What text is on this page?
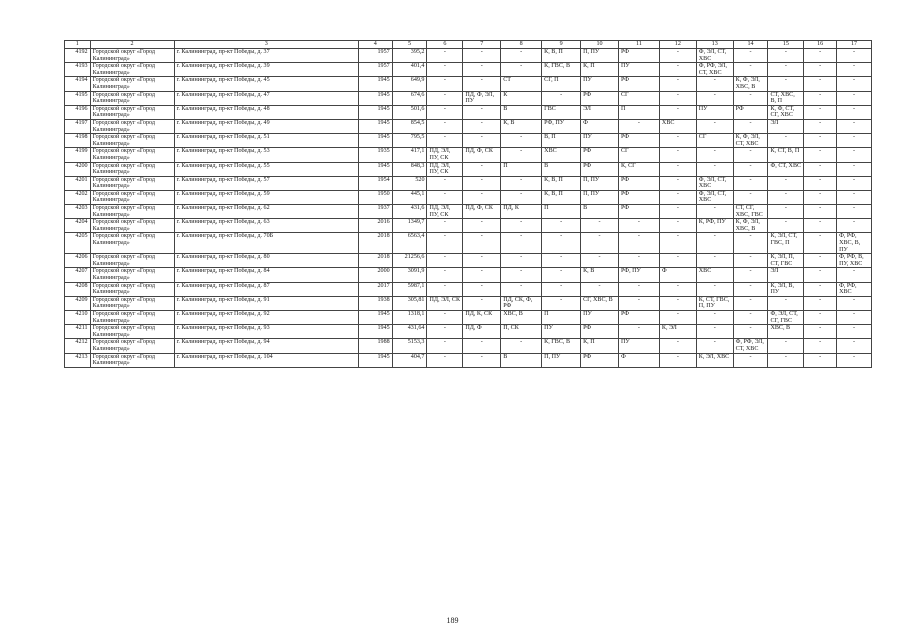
1	2	3	4	5	6	7	8	9	10	11	12	13	14	15	16	17
4192	Городской округ «Город Калининград»	г. Калининград, пр-кт Победы, д. 37	1957	395,2	-	-	-	К, В, П	П, ПУ	РФ	-	Ф, ЭЛ, СТ, ХВС	-	-	-	-
4193	Городской округ «Город Калининград»	г. Калининград, пр-кт Победы, д. 39	1957	401,4	-	-	-	К, ГВС, В	К, П	ПУ	-	Ф, РФ, ЭЛ, СТ, ХВС	-	-	-	-
4194	Городской округ «Город Калининград»	г. Калининград, пр-кт Победы, д. 45	1945	649,9	-	-	СТ	СГ, П	ПУ	РФ	-	-	К, Ф, ЭЛ, ХВС, В	-	-	-
4195	Городской округ «Город Калининград»	г. Калининград, пр-кт Победы, д. 47	1945	674,6	-	ПД, Ф, ЭЛ, ПУ	К	-	РФ	СГ	-	-	-	СТ, ХВС, В, П	-	-
4196	Городской округ «Город Калининград»	г. Калининград, пр-кт Победы, д. 48	1945	501,6	-	-	В	ГВС	ЭЛ	П	-	ПУ	РФ	К, Ф, СТ, СГ, ХВС	-	-
4197	Городской округ «Город Калининград»	г. Калининград, пр-кт Победы, д. 49	1945	854,5	-	-	К, В	РФ, ПУ	Ф	-	ХВС	-	-	ЭЛ	-	-
4198	Городской округ «Город Калининград»	г. Калининград, пр-кт Победы, д. 51	1945	795,5	-	-	-	В, П	ПУ	РФ	-	СГ	К, Ф, ЭЛ, СТ, ХВС	-	-	-
4199	Городской округ «Город Калининград»	г. Калининград, пр-кт Победы, д. 53	1935	417,1	ПД, ЭЛ, ПУ, СК	ПД, Ф, СК	-	ХВС	РФ	СГ	-	-	-	К, СТ, В, П	-	-
4200	Городской округ «Город Калининград»	г. Калининград, пр-кт Победы, д. 55	1945	848,3	ПД, ЭЛ, ПУ, СК	-	П	В	РФ	К, СГ	-	-	-	Ф, СТ, ХВС	-	-
4201	Городской округ «Город Калининград»	г. Калининград, пр-кт Победы, д. 57	1954	520	-	-	-	К, В, П	П, ПУ	РФ	-	Ф, ЭЛ, СТ, ХВС	-	-	-	-
4202	Городской округ «Город Калининград»	г. Калининград, пр-кт Победы, д. 59	1950	445,1	-	-	-	К, В, П	П, ПУ	РФ	-	Ф, ЭЛ, СТ, ХВС	-	-	-	-
4203	Городской округ «Город Калининград»	г. Калининград, пр-кт Победы, д. 62	1937	431,6	ПД, ЭЛ, ПУ, СК	ПД, Ф, СК	ПД, К	П	В	РФ	-	-	СТ, СГ, ХВС, ГВС	-	-	-
4204	Городской округ «Город Калининград»	г. Калининград, пр-кт Победы, д. 63	2016	1349,7	-	-	-	-	-	-	-	К, РФ, ПУ	К, Ф, ЭЛ, ХВС, В	-	-	-
4205	Городской округ «Город Калининград»	г. Калининград, пр-кт Победы, д. 70Б	2018	6563,4	-	-	-	-	-	-	-	-	-	К, ЭЛ, СТ, ГВС, П	-	Ф, РФ, ХВС, В, ПУ
4206	Городской округ «Город Калининград»	г. Калининград, пр-кт Победы, д. 80	2018	21256,6	-	-	-	-	-	-	-	-	-	К, ЭЛ, П, СТ, ГВС	-	Ф, РФ, В, ПУ, ХВС
4207	Городской округ «Город Калининград»	г. Калининград, пр-кт Победы, д. 84	2000	3091,9	-	-	-	-	К, В	РФ, ПУ	Ф	ХВС	-	ЭЛ	-	-
4208	Городской округ «Город Калининград»	г. Калининград, пр-кт Победы, д. 87	2017	5987,1	-	-	-	-	-	-	-	-	-	К, ЭЛ, В, ПУ	-	Ф, РФ, ХВС
4209	Городской округ «Город Калининград»	г. Калининград, пр-кт Победы, д. 91	1938	305,81	ПД, ЭЛ, СК	-	ПД, СК, Ф, РФ	-	СГ, ХВС, В	-	-	К, СТ, ГВС, П, ПУ	-	-	-	-
4210	Городской округ «Город Калининград»	г. Калининград, пр-кт Победы, д. 92	1945	1318,1	-	ПД, К, СК	ХВС, В	П	ПУ	РФ	-	-	-	Ф, ЭЛ, СТ, СГ, ГВС	-	-
4211	Городской округ «Город Калининград»	г. Калининград, пр-кт Победы, д. 93	1945	431,64	-	ПД, Ф	П, СК	ПУ	РФ	-	К, ЭЛ	-	-	ХВС, В	-	-
4212	Городской округ «Город Калининград»	г. Калининград, пр-кт Победы, д. 94	1988	5153,3	-	-	-	К, ГВС, В	К, П	ПУ	-	-	Ф, РФ, ЭЛ, СТ, ХВС	-	-	-
4213	Городской округ «Город Калининград»	г. Калининград, пр-кт Победы, д. 104	1945	404,7	-	-	В	П, ПУ	РФ	Ф	-	К, ЭЛ, ХВС	-	-	-	-
189
